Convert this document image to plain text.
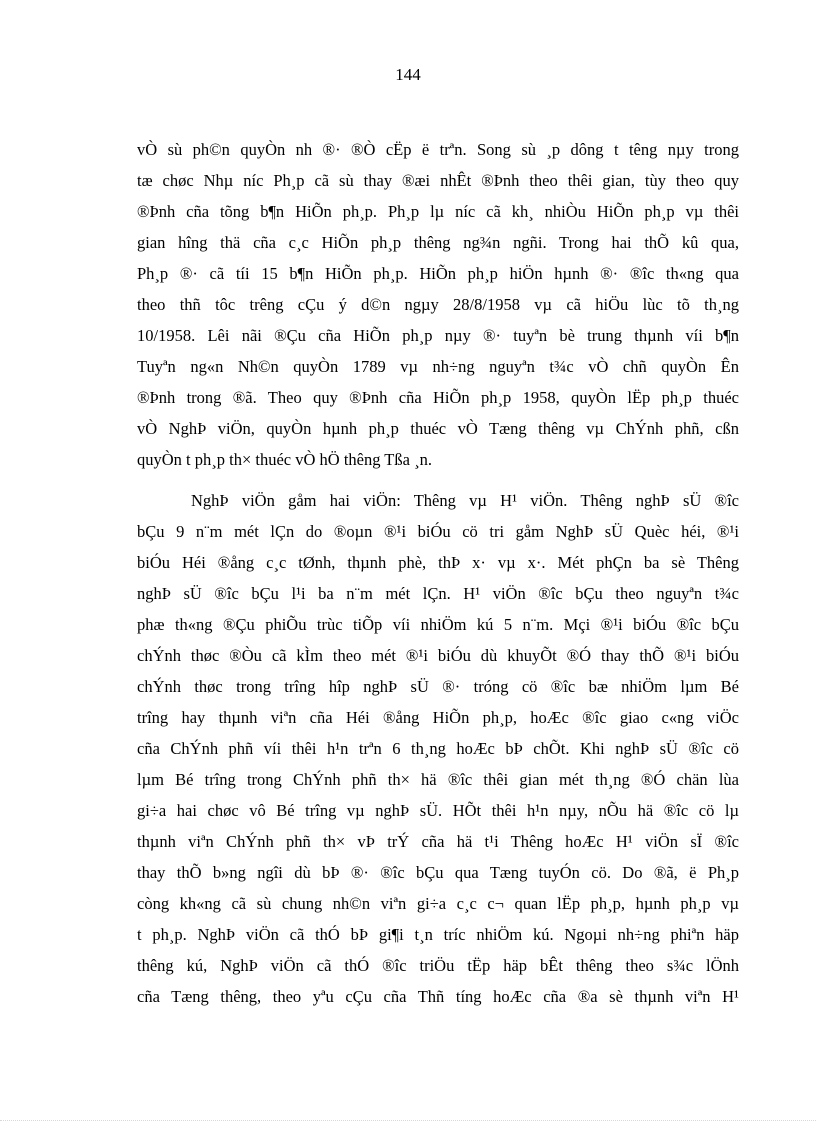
144

vÒ sù ph©n quyÒn nh ®· ®Ò cËp ë trªn. Song sù ¸p dông t têng nµy trong
tæ chøc Nhµ níc Ph¸p cã sù thay ®æi nhÊt ®Þnh theo thêi gian, tùy theo quy
®Þnh cña tõng b¶n HiÕn ph¸p. Ph¸p lµ níc cã kh¸ nhiÒu HiÕn ph¸p vµ thêi
gian hîng thä cña c¸c HiÕn ph¸p thêng ng¾n ngñi. Trong hai thÕ kû qua,
Ph¸p ®· cã tíi 15 b¶n HiÕn ph¸p. HiÕn ph¸p hiÖn hµnh ®· ®îc th«ng qua
theo thñ tôc trêng cÇu ý d©n ngµy 28/8/1958 vµ cã hiÖu lùc tõ th¸ng
10/1958. Lêi nãi ®Çu cña HiÕn ph¸p nµy ®· tuyªn bè trung thµnh víi b¶n
Tuyªn ng«n Nh©n quyÒn 1789 vµ nh÷ng nguyªn t¾c vÒ chñ quyÒn Ên
®Þnh trong ®ã. Theo quy ®Þnh cña HiÕn ph¸p 1958, quyÒn lËp ph¸p thuéc
vÒ NghÞ viÖn, quyÒn hµnh ph¸p thuéc vÒ Tæng thêng vµ ChÝnh phñ, cßn
quyÒn t ph¸p th× thuéc vÒ hÖ thêng Tßa ¸n.

NghÞ viÖn gåm hai viÖn: Thêng vµ H¹ viÖn. Thêng nghÞ sÜ ®îc
bÇu 9 n¨m mét lÇn do ®oµn ®¹i biÓu cö tri gåm NghÞ sÜ Quèc héi, ®¹i
biÓu Héi ®ång c¸c tØnh, thµnh phè, thÞ x· vµ x·. Mét phÇn ba sè Thêng
nghÞ sÜ ®îc bÇu l¹i ba n¨m mét lÇn. H¹ viÖn ®îc bÇu theo nguyªn t¾c
phæ th«ng ®Çu phiÕu trùc tiÕp víi nhiÖm kú 5 n¨m. Mçi ®¹i biÓu ®îc bÇu
chÝnh thøc ®Òu cã kÌm theo mét ®¹i biÓu dù khuyÕt ®Ó thay thÕ ®¹i biÓu
chÝnh thøc trong trîng hîp nghÞ sÜ ®· tróng cö ®îc bæ nhiÖm lµm Bé
trîng hay thµnh viªn cña Héi ®ång HiÕn ph¸p, hoÆc ®îc giao c«ng viÖc
cña ChÝnh phñ víi thêi h¹n trªn 6 th¸ng hoÆc bÞ chÕt. Khi nghÞ sÜ ®îc cö
lµm Bé trîng trong ChÝnh phñ th× hä ®îc thêi gian mét th¸ng ®Ó chän lùa
gi÷a hai chøc vô Bé trîng vµ nghÞ sÜ. HÕt thêi h¹n nµy, nÕu hä ®îc cö lµ
thµnh viªn ChÝnh phñ th× vÞ trÝ cña hä t¹i Thêng hoÆc H¹ viÖn sÏ ®îc
thay thÕ b»ng ngîi dù bÞ ®· ®îc bÇu qua Tæng tuyÓn cö. Do ®ã, ë Ph¸p
còng kh«ng cã sù chung nh©n viªn gi÷a c¸c c¬ quan lËp ph¸p, hµnh ph¸p vµ
t ph¸p. NghÞ viÖn cã thÓ bÞ gi¶i t¸n tríc nhiÖm kú. Ngoµi nh÷ng phiªn häp
thêng kú, NghÞ viÖn cã thÓ ®îc triÖu tËp häp bÊt thêng theo s¾c lÖnh
cña Tæng thêng, theo yªu cÇu cña Thñ tíng hoÆc cña ®a sè thµnh viªn H¹
